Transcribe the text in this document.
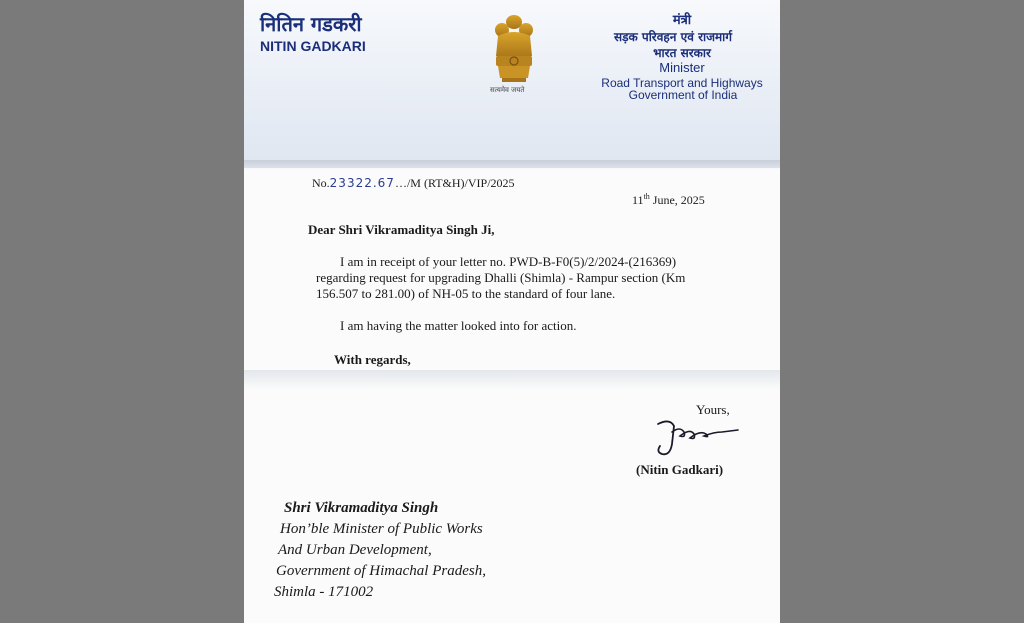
नितिन गडकरी
NITIN GADKARI
सत्यमेव जयते
मंत्री
सड़क परिवहन एवं राजमार्ग
भारत सरकार
Minister
Road Transport and Highways
Government of India
No.23322.67…/M (RT&H)/VIP/2025
11th June, 2025
Dear Shri Vikramaditya Singh Ji,
I am in receipt of your letter no. PWD-B-F0(5)/2/2024-(216369)
regarding request for upgrading Dhalli (Shimla) - Rampur section (Km
156.507 to 281.00) of NH-05 to the standard of four lane.
I am having the matter looked into for action.
With regards,
Yours,
(Nitin Gadkari)
Shri Vikramaditya Singh
Hon’ble Minister of Public Works
And Urban Development,
Government of Himachal Pradesh,
Shimla - 171002
